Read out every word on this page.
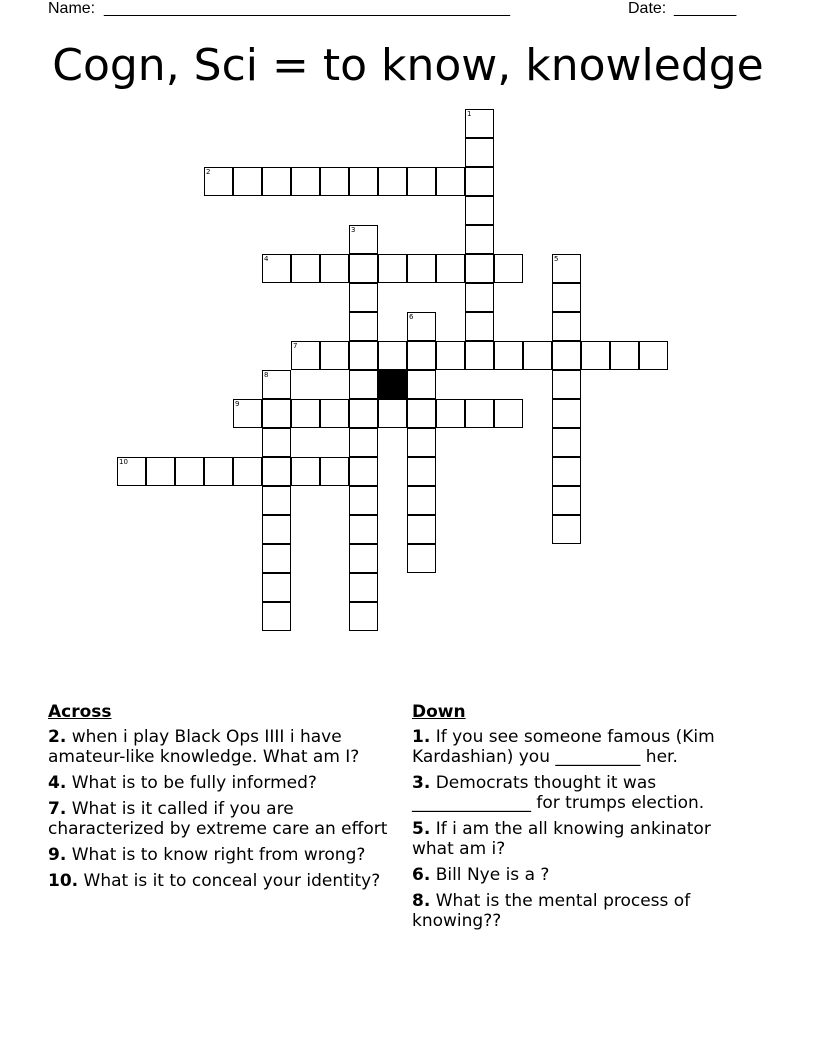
Name: ________________________________________________	Date: _______
Cogn, Sci = to know, knowledge
1
2
3
4	5
6
7
8
9
10
Across
2. when i play Black Ops IIII i have amateur-like knowledge. What am I?
4. What is to be fully informed?
7. What is it called if you are characterized by extreme care an effort
9. What is to know right from wrong?
10. What is it to conceal your identity?
Down
1. If you see someone famous (Kim Kardashian) you __________ her.
3. Democrats thought it was ______________ for trumps election.
5. If i am the all knowing ankinator what am i?
6. Bill Nye is a ?
8. What is the mental process of knowing??
